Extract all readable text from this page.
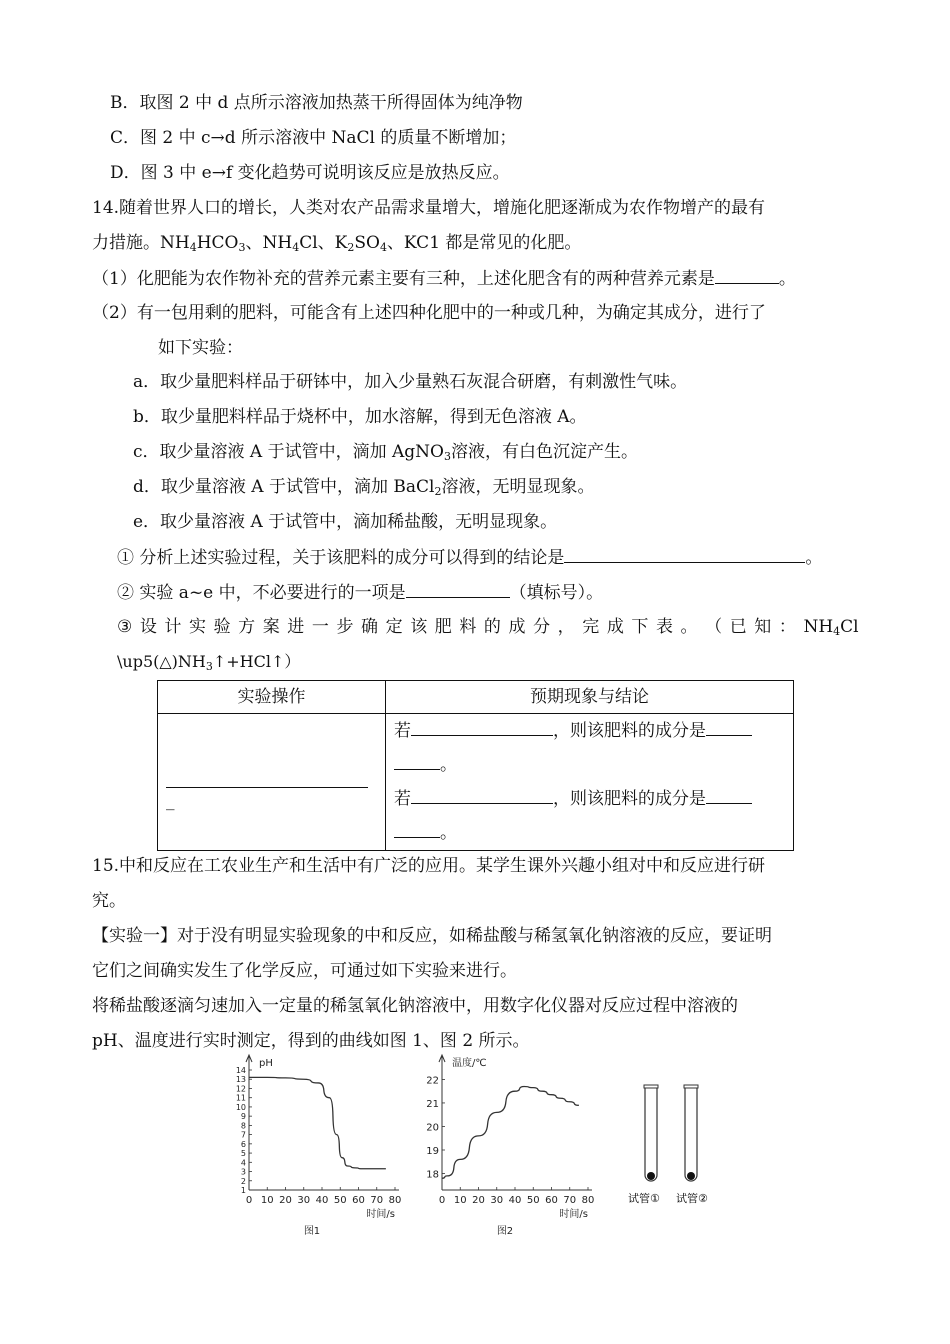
B．取图 2 中 d 点所示溶液加热蒸干所得固体为纯净物
C．图 2 中 c→d 所示溶液中 NaCl 的质量不断增加；
D．图 3 中 e→f 变化趋势可说明该反应是放热反应。
14.随着世界人口的增长，人类对农产品需求量增大，增施化肥逐渐成为农作物增产的最有
力措施。$NH_4HCO_3$、$NH_4Cl$、$K_2SO_4$、KC1 都是常见的化肥。
（1）化肥能为农作物补充的营养元素主要有三种，上述化肥含有的两种营养元素是	。
（2）有一包用剩的肥料，可能含有上述四种化肥中的一种或几种，为确定其成分，进行了
如下实验：
a．取少量肥料样品于研钵中，加入少量熟石灰混合研磨，有刺激性气味。
b．取少量肥料样品于烧杯中，加水溶解，得到无色溶液 A。
c．取少量溶液 A 于试管中，滴加 AgNO$_3$溶液，有白色沉淀产生。
d．取少量溶液 A 于试管中，滴加 BaCl$_2$溶液，无明显现象。
e．取少量溶液 A 于试管中，滴加稀盐酸，无明显现象。
① 分析上述实验过程，关于该肥料的成分可以得到的结论是	。
② 实验 a~e 中，不必要进行的一项是	（填标号）。
③ 设 计 实 验 方 案 进 一 步 确 定 该 肥 料 的 成 分 ， 完 成 下 表 。 （ 已 知 ： $NH_4Cl$
$\backslash up5(\triangle)NH_3↑+HCl↑$）
实验操作	预期现象与结论

_	若 ，则该肥料的成分是
。
若 ，则该肥料的成分是
。
15.中和反应在工农业生产和生活中有广泛的应用。某学生课外兴趣小组对中和反应进行研
究。
【实验一】对于没有明显实验现象的中和反应，如稀盐酸与稀氢氧化钠溶液的反应，要证明
它们之间确实发生了化学反应，可通过如下实验来进行。
将稀盐酸逐滴匀速加入一定量的稀氢氧化钠溶液中，用数字化仪器对反应过程中溶液的
pH、温度进行实时测定，得到的曲线如图 1、图 2 所示。
0 10 20 30 40 50 60 70 80
1
2
3
4
5
6
7
8
9
10
11
12
13
14
pH
时间/s
图1
0 10 20 30 40 50 60 70 80
18
19
20
21
22
温度/℃
时间/s
图2
试管① 试管②
